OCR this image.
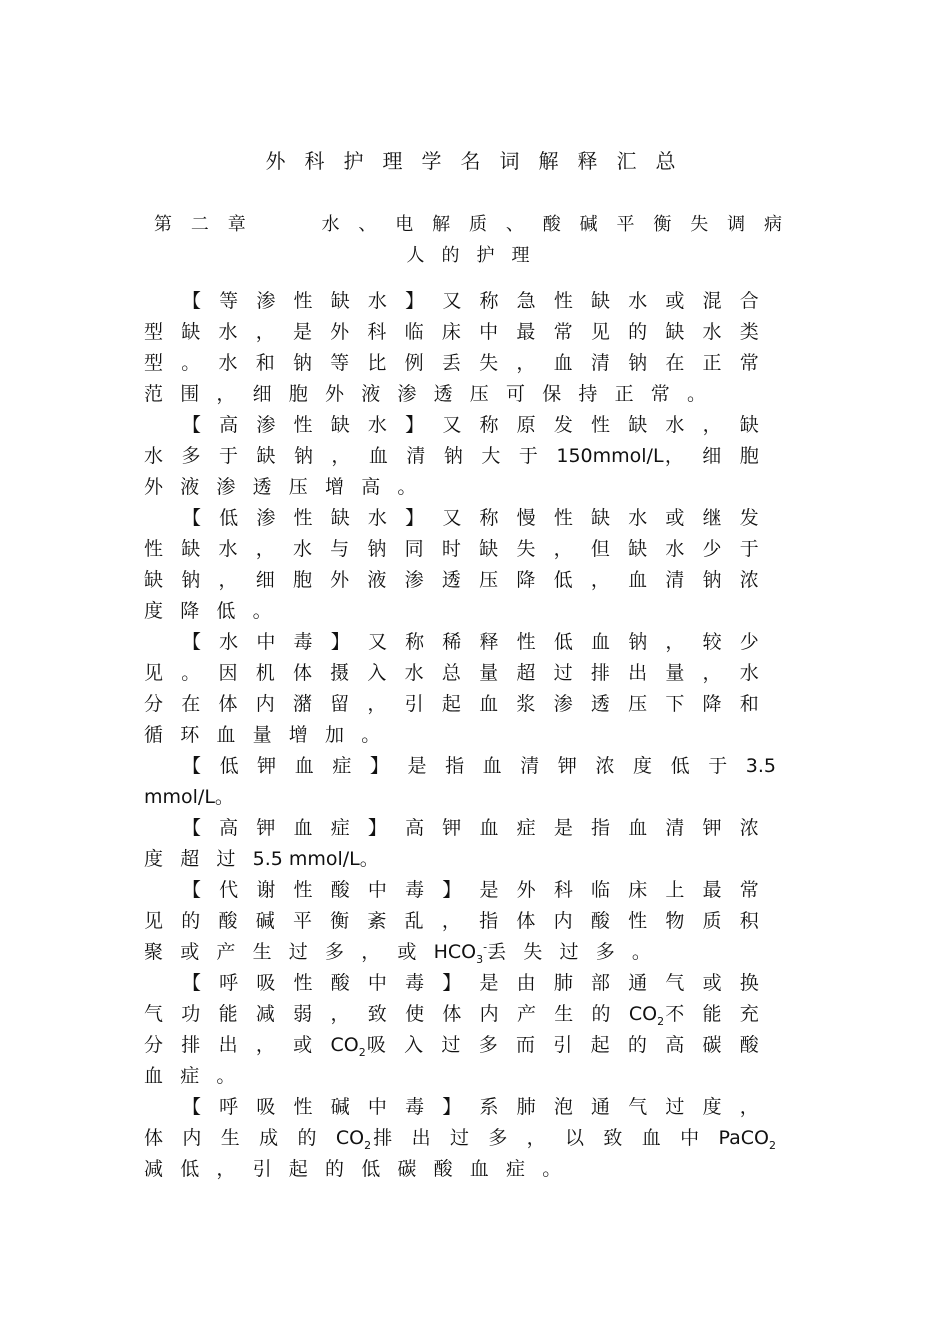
外科护理学名词解释汇总
第 二 章	水 、 电 解 质 、 酸 碱 平 衡 失 调 病
人的护理

【等渗性缺水】又称急性缺水或混合型缺水，是外科临床中最常见的缺水类型。水和钠等比例丢失，血清钠在正常范围，细胞外液渗透压可保持正常。

【高渗性缺水】又称原发性缺水，缺水多于缺钠，血清钠大于150mmol/L，细胞外液渗透压增高。

【低渗性缺水】又称慢性缺水或继发性缺水，水与钠同时缺失，但缺水少于缺钠，细胞外液渗透压降低，血清钠浓度降低。

【水中毒】又称稀释性低血钠，较少见。因机体摄入水总量超过排出量，水分在体内潴留，引起血浆渗透压下降和循环血量增加。

【低钾血症】是指血清钾浓度低于3.5 mmol/L。

【高钾血症】高钾血症是指血清钾浓度超过5.5 mmol/L。

【代谢性酸中毒】是外科临床上最常见的酸碱平衡紊乱，指体内酸性物质积聚或产生过多，或$HCO_3^-$丢失过多。

【呼吸性酸中毒】是由肺部通气或换气功能减弱，致使体内产生的$CO_2$不能充分排出，或$CO_2$吸入过多而引起的高碳酸血症。

【呼吸性碱中毒】系肺泡通气过度，体内生成的$CO_2$排出过多，以致血中PaCO$_2$减低，引起的低碳酸血症。
